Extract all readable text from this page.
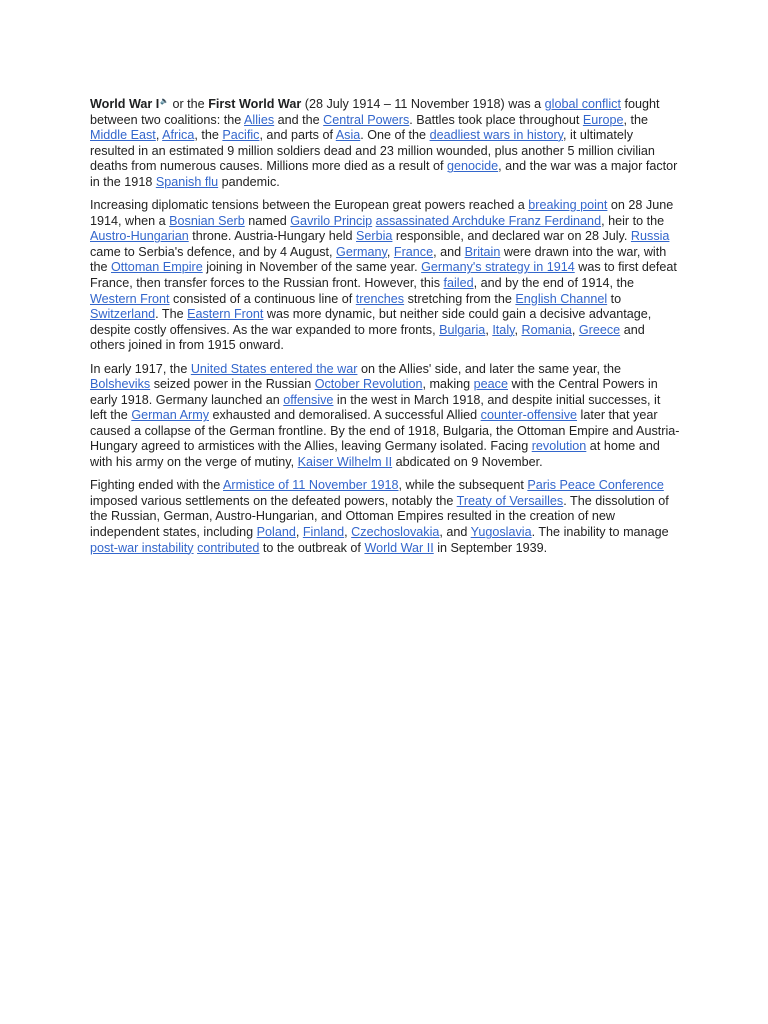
World War I🔈 or the First World War (28 July 1914 – 11 November 1918) was a global conflict fought between two coalitions: the Allies and the Central Powers. Battles took place throughout Europe, the Middle East, Africa, the Pacific, and parts of Asia. One of the deadliest wars in history, it ultimately resulted in an estimated 9 million soldiers dead and 23 million wounded, plus another 5 million civilian deaths from numerous causes. Millions more died as a result of genocide, and the war was a major factor in the 1918 Spanish flu pandemic.

Increasing diplomatic tensions between the European great powers reached a breaking point on 28 June 1914, when a Bosnian Serb named Gavrilo Princip assassinated Archduke Franz Ferdinand, heir to the Austro-Hungarian throne. Austria-Hungary held Serbia responsible, and declared war on 28 July. Russia came to Serbia's defence, and by 4 August, Germany, France, and Britain were drawn into the war, with the Ottoman Empire joining in November of the same year. Germany's strategy in 1914 was to first defeat France, then transfer forces to the Russian front. However, this failed, and by the end of 1914, the Western Front consisted of a continuous line of trenches stretching from the English Channel to Switzerland. The Eastern Front was more dynamic, but neither side could gain a decisive advantage, despite costly offensives. As the war expanded to more fronts, Bulgaria, Italy, Romania, Greece and others joined in from 1915 onward.

In early 1917, the United States entered the war on the Allies' side, and later the same year, the Bolsheviks seized power in the Russian October Revolution, making peace with the Central Powers in early 1918. Germany launched an offensive in the west in March 1918, and despite initial successes, it left the German Army exhausted and demoralised. A successful Allied counter-offensive later that year caused a collapse of the German frontline. By the end of 1918, Bulgaria, the Ottoman Empire and Austria-Hungary agreed to armistices with the Allies, leaving Germany isolated. Facing revolution at home and with his army on the verge of mutiny, Kaiser Wilhelm II abdicated on 9 November.

Fighting ended with the Armistice of 11 November 1918, while the subsequent Paris Peace Conference imposed various settlements on the defeated powers, notably the Treaty of Versailles. The dissolution of the Russian, German, Austro-Hungarian, and Ottoman Empires resulted in the creation of new independent states, including Poland, Finland, Czechoslovakia, and Yugoslavia. The inability to manage post-war instability contributed to the outbreak of World War II in September 1939.
